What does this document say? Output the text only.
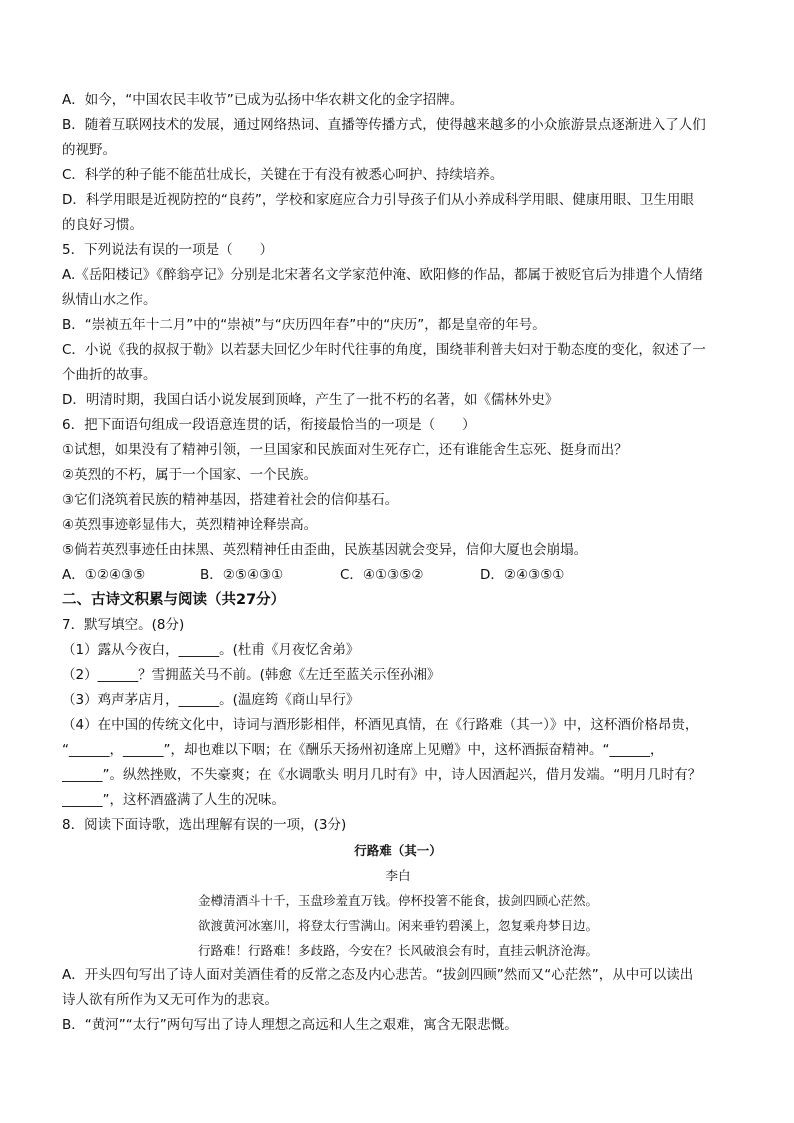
A．如今，“中国农民丰收节”已成为弘扬中华农耕文化的金字招牌。
B．随着互联网技术的发展，通过网络热词、直播等传播方式，使得越来越多的小众旅游景点逐渐进入了人们
的视野。
C．科学的种子能不能茁壮成长，关键在于有没有被悉心呵护、持续培养。
D．科学用眼是近视防控的“良药”，学校和家庭应合力引导孩子们从小养成科学用眼、健康用眼、卫生用眼
的良好习惯。
5．下列说法有误的一项是（　　）
A.《岳阳楼记》《醉翁亭记》分别是北宋著名文学家范仲淹、欧阳修的作品，都属于被贬官后为排遣个人情绪
纵情山水之作。
B．“崇祯五年十二月”中的“崇祯”与“庆历四年春”中的“庆历”，都是皇帝的年号。
C．小说《我的叔叔于勒》以若瑟夫回忆少年时代往事的角度，围绕菲利普夫妇对于勒态度的变化，叙述了一
个曲折的故事。
D．明清时期，我国白话小说发展到顶峰，产生了一批不朽的名著，如《儒林外史》
6．把下面语句组成一段语意连贯的话，衔接最恰当的一项是（　　）
①试想，如果没有了精神引领，一旦国家和民族面对生死存亡，还有谁能舍生忘死、挺身而出？
②英烈的不朽，属于一个国家、一个民族。
③它们浇筑着民族的精神基因，搭建着社会的信仰基石。
④英烈事迹彰显伟大，英烈精神诠释崇高。
⑤倘若英烈事迹任由抹黑、英烈精神任由歪曲，民族基因就会变异，信仰大厦也会崩塌。
A．①②④③⑤	B．②⑤④③①	C．④①③⑤②	D．②④③⑤①
二、古诗文积累与阅读（共27分）
7．默写填空。(8分)
（1）露从今夜白，______。(杜甫《月夜忆舍弟》
（2）______？雪拥蓝关马不前。(韩愈《左迁至蓝关示侄孙湘》
（3）鸡声茅店月，______。(温庭筠《商山早行》
（4）在中国的传统文化中，诗词与酒形影相伴，杯酒见真情，在《行路难（其一）》中，这杯酒价格昂贵，
“______，______”，却也难以下咽；在《酬乐天扬州初逢席上见赠》中，这杯酒振奋精神。“______，
______”。纵然挫败，不失豪爽；在《水调歌头 明月几时有》中，诗人因酒起兴，借月发端。“明月几时有？
______”，这杯酒盛满了人生的况味。
8．阅读下面诗歌，选出理解有误的一项，(3分)
行路难（其一）
李白
金樽清酒斗十千，玉盘珍羞直万钱。停杯投箸不能食，拔剑四顾心茫然。
欲渡黄河冰塞川，将登太行雪满山。闲来垂钓碧溪上，忽复乘舟梦日边。
行路难！行路难！多歧路，今安在？长风破浪会有时，直挂云帆济沧海。
A．开头四句写出了诗人面对美酒佳肴的反常之态及内心悲苦。“拔剑四顾”然而又“心茫然”，从中可以读出
诗人欲有所作为又无可作为的悲哀。
B．“黄河”“太行”两句写出了诗人理想之高远和人生之艰难，寓含无限悲慨。
